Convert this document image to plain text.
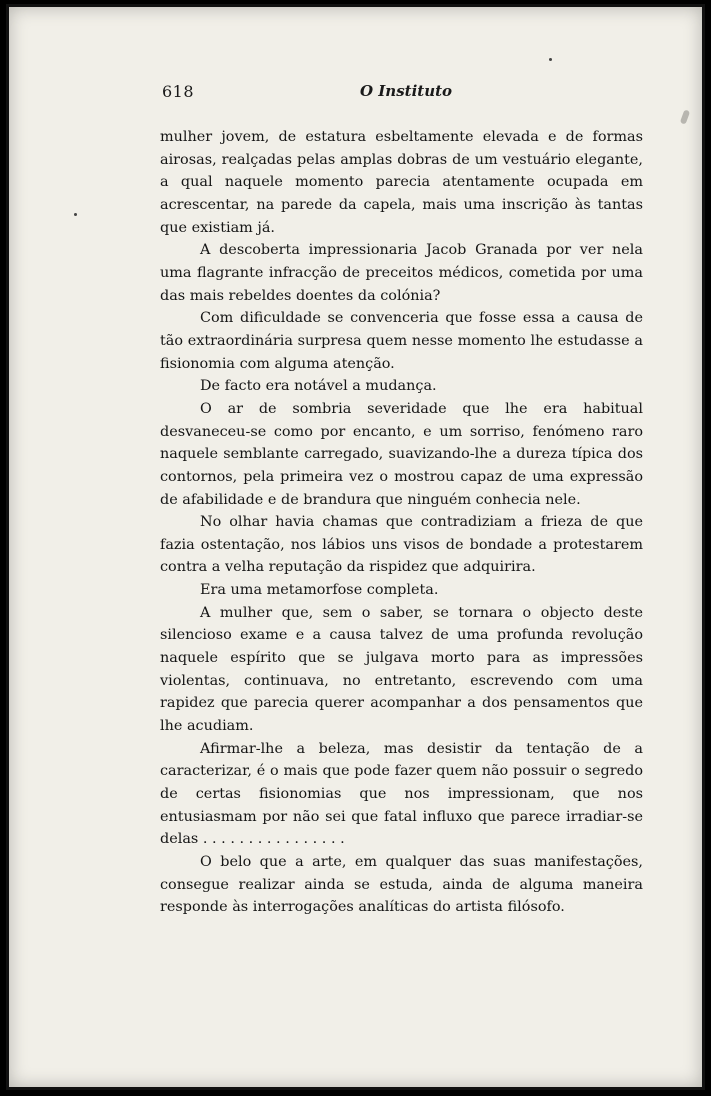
618	O Instituto

mulher jovem, de estatura esbeltamente elevada e de formas airosas, realçadas pelas amplas dobras de um vestuário elegante, a qual naquele momento parecia atentamente ocupada em acrescentar, na parede da capela, mais uma inscrição às tantas que existiam já.

A descoberta impressionaria Jacob Granada por ver nela uma flagrante infracção de preceitos médicos, cometida por uma das mais rebeldes doentes da colónia?

Com dificuldade se convenceria que fosse essa a causa de tão extraordinária surpresa quem nesse momento lhe estudasse a fisionomia com alguma atenção.

De facto era notável a mudança.

O ar de sombria severidade que lhe era habitual desvaneceu-se como por encanto, e um sorriso, fenómeno raro naquele semblante carregado, suavizando-lhe a dureza típica dos contornos, pela primeira vez o mostrou capaz de uma expressão de afabilidade e de brandura que ninguém conhecia nele.

No olhar havia chamas que contradiziam a frieza de que fazia ostentação, nos lábios uns visos de bondade a protestarem contra a velha reputação da rispidez que adquirira.

Era uma metamorfose completa.

A mulher que, sem o saber, se tornara o objecto deste silencioso exame e a causa talvez de uma profunda revolução naquele espírito que se julgava morto para as impressões violentas, continuava, no entretanto, escrevendo com uma rapidez que parecia querer acompanhar a dos pensamentos que lhe acudiam.

Afirmar-lhe a beleza, mas desistir da tentação de a caracterizar, é o mais que pode fazer quem não possuir o segredo de certas fisionomias que nos impressionam, que nos entusiasmam por não sei que fatal influxo que parece irradiar-se delas . . . . . . . . . . . . . . . .

O belo que a arte, em qualquer das suas manifestações, consegue realizar ainda se estuda, ainda de alguma maneira responde às interrogações analíticas do artista filósofo.
